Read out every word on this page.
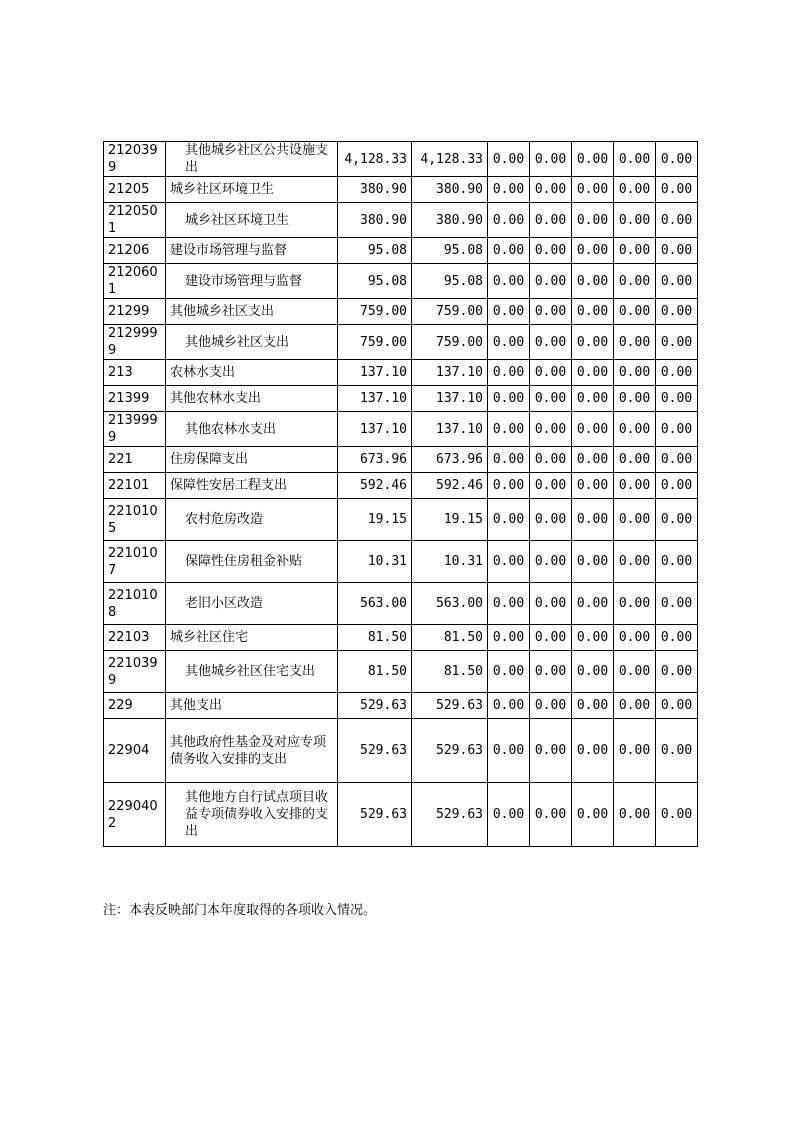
2120399	其他城乡社区公共设施支出	4,128.33	4,128.33	0.00	0.00	0.00	0.00	0.00
21205	城乡社区环境卫生	380.90	380.90	0.00	0.00	0.00	0.00	0.00
2120501	城乡社区环境卫生	380.90	380.90	0.00	0.00	0.00	0.00	0.00
21206	建设市场管理与监督	95.08	95.08	0.00	0.00	0.00	0.00	0.00
2120601	建设市场管理与监督	95.08	95.08	0.00	0.00	0.00	0.00	0.00
21299	其他城乡社区支出	759.00	759.00	0.00	0.00	0.00	0.00	0.00
2129999	其他城乡社区支出	759.00	759.00	0.00	0.00	0.00	0.00	0.00
213	农林水支出	137.10	137.10	0.00	0.00	0.00	0.00	0.00
21399	其他农林水支出	137.10	137.10	0.00	0.00	0.00	0.00	0.00
2139999	其他农林水支出	137.10	137.10	0.00	0.00	0.00	0.00	0.00
221	住房保障支出	673.96	673.96	0.00	0.00	0.00	0.00	0.00
22101	保障性安居工程支出	592.46	592.46	0.00	0.00	0.00	0.00	0.00
2210105	农村危房改造	19.15	19.15	0.00	0.00	0.00	0.00	0.00
2210107	保障性住房租金补贴	10.31	10.31	0.00	0.00	0.00	0.00	0.00
2210108	老旧小区改造	563.00	563.00	0.00	0.00	0.00	0.00	0.00
22103	城乡社区住宅	81.50	81.50	0.00	0.00	0.00	0.00	0.00
2210399	其他城乡社区住宅支出	81.50	81.50	0.00	0.00	0.00	0.00	0.00
229	其他支出	529.63	529.63	0.00	0.00	0.00	0.00	0.00
22904	其他政府性基金及对应专项债务收入安排的支出	529.63	529.63	0.00	0.00	0.00	0.00	0.00
2290402	其他地方自行试点项目收益专项债券收入安排的支出	529.63	529.63	0.00	0.00	0.00	0.00	0.00
注：本表反映部门本年度取得的各项收入情况。
